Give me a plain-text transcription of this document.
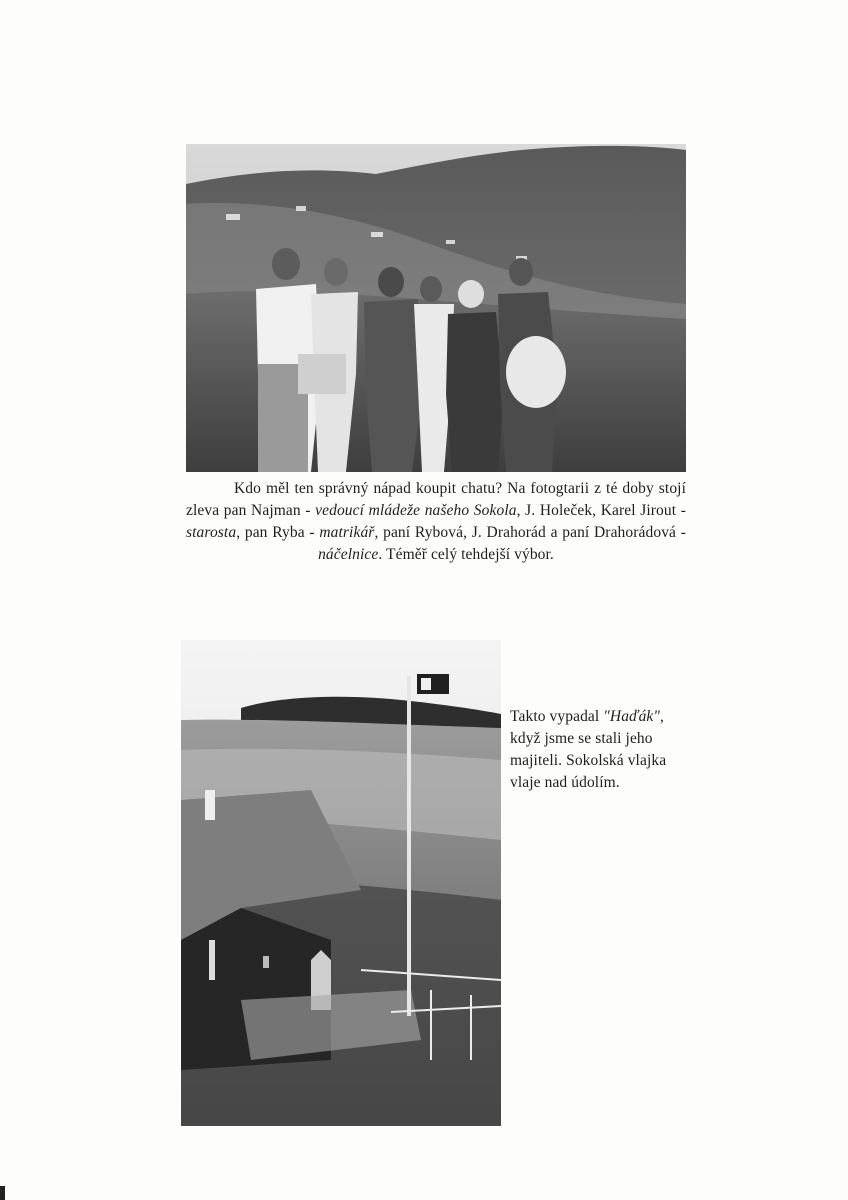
Kdo měl ten správný nápad koupit chatu? Na fotogtarii z té doby stojí zleva pan Najman - vedoucí mládeže našeho Sokola, J. Holeček, Karel Jirout - starosta, pan Ryba - matrikář, paní Rybová, J. Drahorád a paní Drahorádová - náčelnice. Téměř celý tehdejší výbor.

Takto vypadal "Haďák", když jsme se stali jeho majiteli. Sokolská vlajka vlaje nad údolím.
